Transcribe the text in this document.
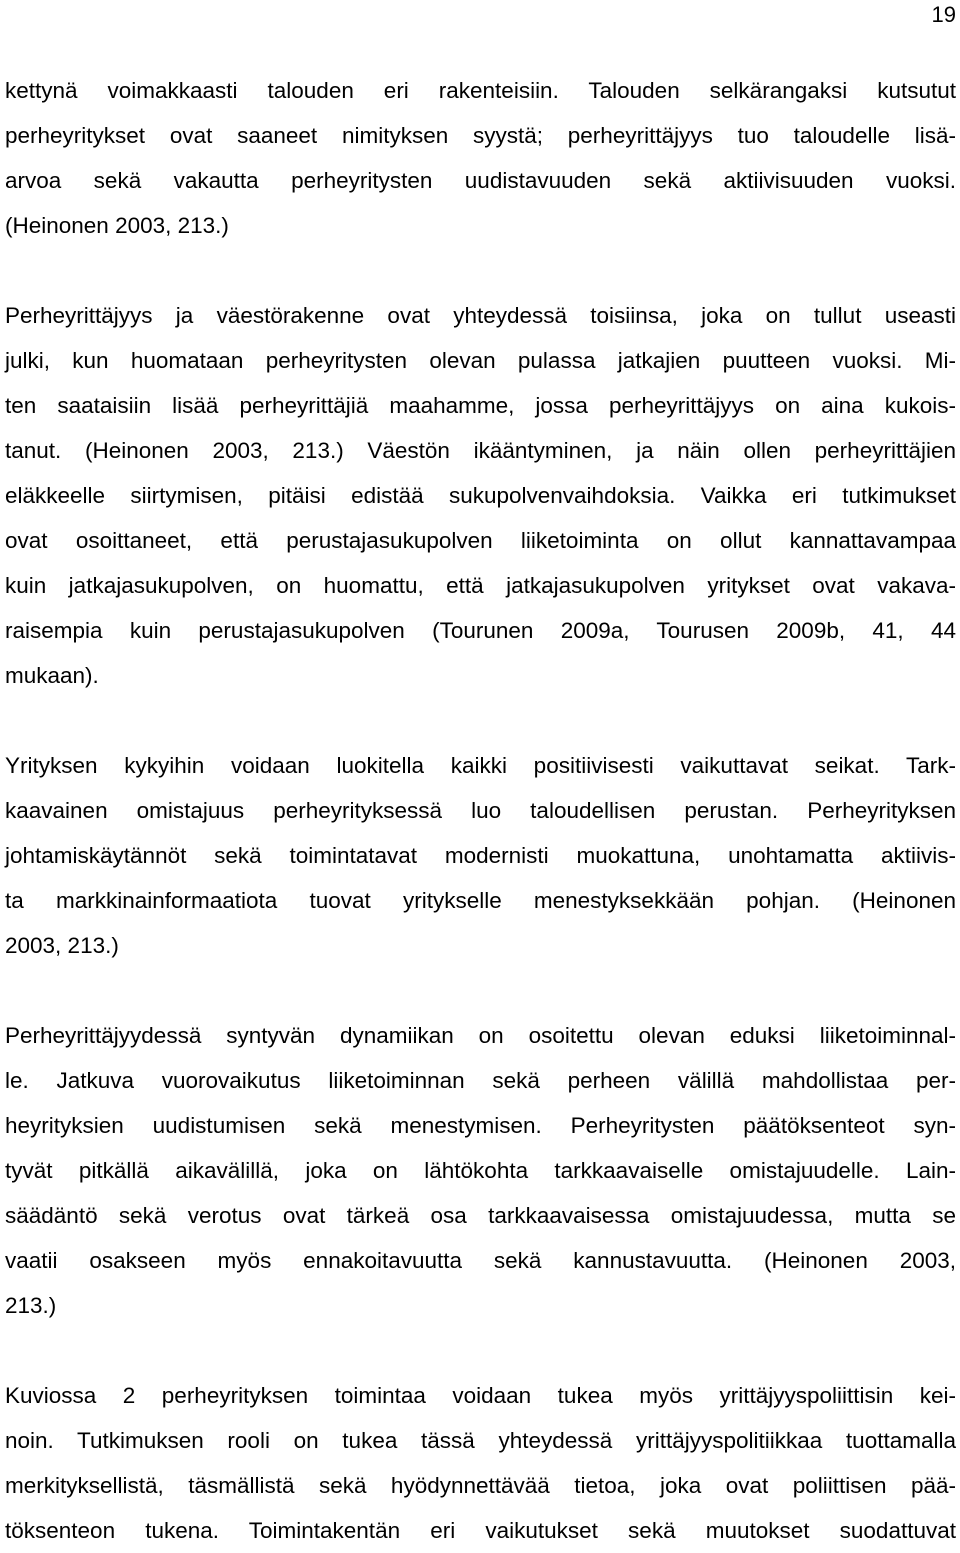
19
kettynä voimakkaasti talouden eri rakenteisiin. Talouden selkärangaksi kutsutut
perheyritykset ovat saaneet nimityksen syystä; perheyrittäjyys tuo taloudelle lisä-
arvoa sekä vakautta perheyritysten uudistavuuden sekä aktiivisuuden vuoksi.
(Heinonen 2003, 213.)
Perheyrittäjyys ja väestörakenne ovat yhteydessä toisiinsa, joka on tullut useasti
julki, kun huomataan perheyritysten olevan pulassa jatkajien puutteen vuoksi. Mi-
ten saataisiin lisää perheyrittäjiä maahamme, jossa perheyrittäjyys on aina kukois-
tanut. (Heinonen 2003, 213.) Väestön ikääntyminen, ja näin ollen perheyrittäjien
eläkkeelle siirtymisen, pitäisi edistää sukupolvenvaihdoksia. Vaikka eri tutkimukset
ovat osoittaneet, että perustajasukupolven liiketoiminta on ollut kannattavampaa
kuin jatkajasukupolven, on huomattu, että jatkajasukupolven yritykset ovat vakava-
raisempia kuin perustajasukupolven (Tourunen 2009a, Tourusen 2009b, 41, 44
mukaan).
Yrityksen kykyihin voidaan luokitella kaikki positiivisesti vaikuttavat seikat. Tark-
kaavainen omistajuus perheyrityksessä luo taloudellisen perustan. Perheyrityksen
johtamiskäytännöt sekä toimintatavat modernisti muokattuna, unohtamatta aktiivis-
ta markkinainformaatiota tuovat yritykselle menestyksekkään pohjan. (Heinonen
2003, 213.)
Perheyrittäjyydessä syntyvän dynamiikan on osoitettu olevan eduksi liiketoiminnal-
le. Jatkuva vuorovaikutus liiketoiminnan sekä perheen välillä mahdollistaa per-
heyrityksien uudistumisen sekä menestymisen. Perheyritysten päätöksenteot syn-
tyvät pitkällä aikavälillä, joka on lähtökohta tarkkaavaiselle omistajuudelle. Lain-
säädäntö sekä verotus ovat tärkeä osa tarkkaavaisessa omistajuudessa, mutta se
vaatii osakseen myös ennakoitavuutta sekä kannustavuutta. (Heinonen 2003,
213.)
Kuviossa 2 perheyrityksen toimintaa voidaan tukea myös yrittäjyyspoliittisin kei-
noin. Tutkimuksen rooli on tukea tässä yhteydessä yrittäjyyspolitiikkaa tuottamalla
merkityksellistä, täsmällistä sekä hyödynnettävää tietoa, joka ovat poliittisen pää-
töksenteon tukena. Toimintakentän eri vaikutukset sekä muutokset suodattuvat
